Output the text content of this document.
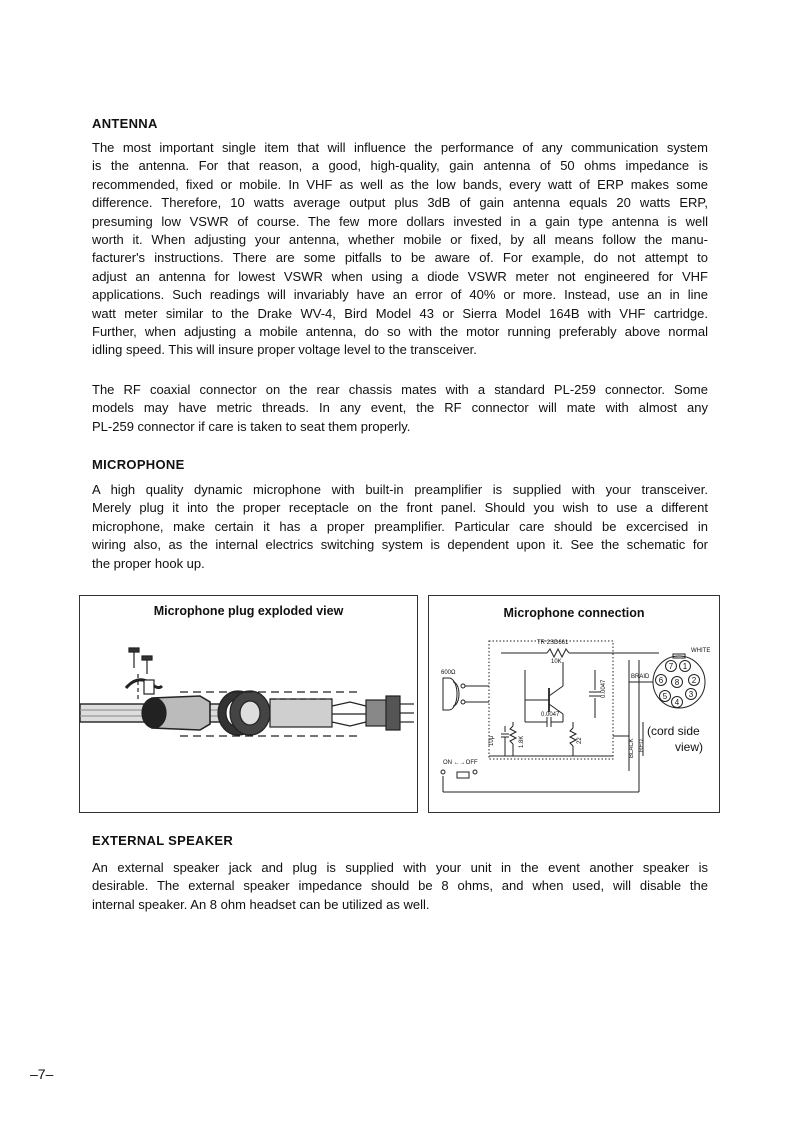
ANTENNA
The most important single item that will influence the performance of any communication system
is the antenna. For that reason, a good, high-quality, gain antenna of 50 ohms impedance is
recommended, fixed or mobile. In VHF as well as the low bands, every watt of ERP makes some
difference. Therefore, 10 watts average output plus 3dB of gain antenna equals 20 watts ERP,
presuming low VSWR of course. The few more dollars invested in a gain type antenna is well
worth it. When adjusting your antenna, whether mobile or fixed, by all means follow the manu-
facturer's instructions. There are some pitfalls to be aware of. For example, do not attempt to
adjust an antenna for lowest VSWR when using a diode VSWR meter not engineered for VHF
applications. Such readings will invariably have an error of 40% or more. Instead, use an in line
watt meter similar to the Drake WV-4, Bird Model 43 or Sierra Model 164B with VHF cartridge.
Further, when adjusting a mobile antenna, do so with the motor running preferably above normal
idling speed. This will insure proper voltage level to the transceiver.
The RF coaxial connector on the rear chassis mates with a standard PL-259 connector. Some
models may have metric threads. In any event, the RF connector will mate with almost any
PL-259 connector if care is taken to seat them properly.
MICROPHONE
A high quality dynamic microphone with built-in preamplifier is supplied with your transceiver.
Merely plug it into the proper receptacle on the front panel. Should you wish to use a different
microphone, make certain it has a proper preamplifier. Particular care should be excercised in
wiring also, as the internal electrics switching system is dependent upon it. See the schematic for
the proper hook up.
Microphone plug exploded view	Microphone connection
7 1
6 8 2
5	3
4
TR 2SD661
10K
600Ω
0.0047
0.0047
10μ	1.8K	22
ON ←→OFF
WHITE
BRAID
BLACK RED
(cord side
view)
EXTERNAL SPEAKER
An external speaker jack and plug is supplied with your unit in the event another speaker is
desirable. The external speaker impedance should be 8 ohms, and when used, will disable the
internal speaker. An 8 ohm headset can be utilized as well.
–7–
